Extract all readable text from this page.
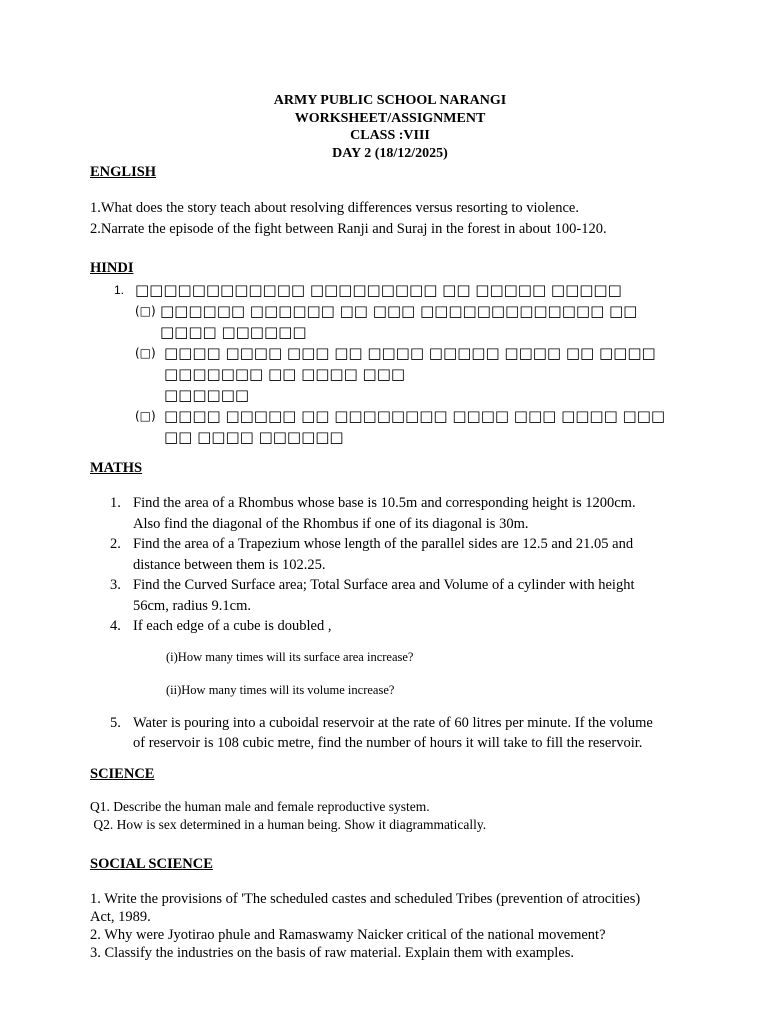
ARMY PUBLIC SCHOOL NARANGI
WORKSHEET/ASSIGNMENT
CLASS :VIII
DAY 2 (18/12/2025)
ENGLISH
1.What does the story teach about resolving differences versus resorting to violence.
2.Narrate the episode of the fight between Ranji and Suraj in the forest in about 100-120.
HINDI
1. □□□□□□□□□□□□ □□□□□□□□□ □□ □□□□□ □□□□□
(□) □□□□□□ □□□□□□ □□ □□□ □□□□□□□□□□□□□ □□ □□□□ □□□□□□
(□) □□□□ □□□□ □□□ □□ □□□□ □□□□□ □□□□ □□ □□□□ □□□□□□□ □□ □□□□ □□□
□□□□□□
(□) □□□□ □□□□□ □□ □□□□□□□□ □□□□ □□□ □□□□ □□□ □□ □□□□ □□□□□□
MATHS
1. Find the area of a Rhombus whose base is 10.5m and corresponding height is 1200cm.
Also find the diagonal of the Rhombus if one of its diagonal is 30m.
2. Find the area of a Trapezium whose length of the parallel sides are 12.5 and 21.05 and
distance between them is 102.25.
3. Find the Curved Surface area; Total Surface area and Volume of a cylinder with height
56cm, radius 9.1cm.
4. If each edge of a cube is doubled ,
(i)How many times will its surface area increase?
(ii)How many times will its volume increase?
5. Water is pouring into a cuboidal reservoir at the rate of 60 litres per minute. If the volume
of reservoir is 108 cubic metre, find the number of hours it will take to fill the reservoir.
SCIENCE
Q1. Describe the human male and female reproductive system.
Q2. How is sex determined in a human being. Show it diagrammatically.
SOCIAL SCIENCE
1. Write the provisions of 'The scheduled castes and scheduled Tribes (prevention of atrocities)
Act, 1989.
2. Why were Jyotirao phule and Ramaswamy Naicker critical of the national movement?
3. Classify the industries on the basis of raw material. Explain them with examples.
